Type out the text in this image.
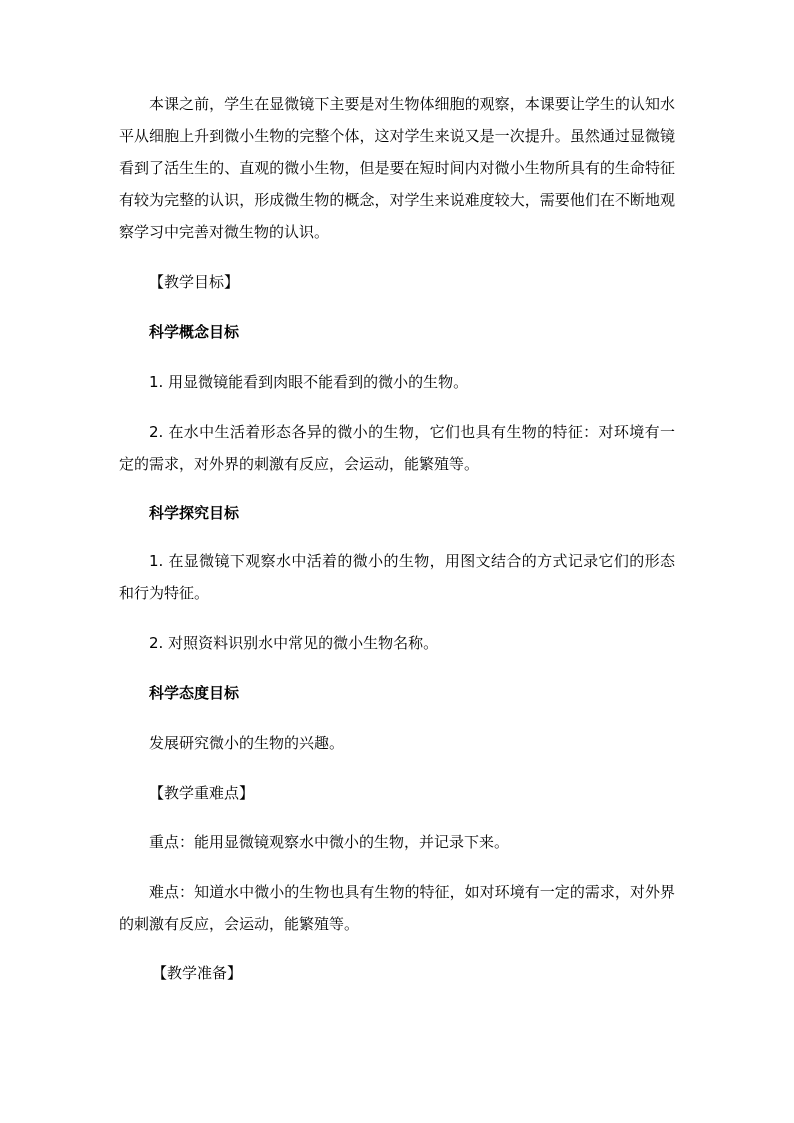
本课之前，学生在显微镜下主要是对生物体细胞的观察，本课要让学生的认知水平从细胞上升到微小生物的完整个体，这对学生来说又是一次提升。虽然通过显微镜看到了活生生的、直观的微小生物，但是要在短时间内对微小生物所具有的生命特征有较为完整的认识，形成微生物的概念，对学生来说难度较大，需要他们在不断地观察学习中完善对微生物的认识。

【教学目标】

科学概念目标

1. 用显微镜能看到肉眼不能看到的微小的生物。

2. 在水中生活着形态各异的微小的生物，它们也具有生物的特征：对环境有一定的需求，对外界的刺激有反应，会运动，能繁殖等。

科学探究目标

1. 在显微镜下观察水中活着的微小的生物，用图文结合的方式记录它们的形态和行为特征。

2. 对照资料识别水中常见的微小生物名称。

科学态度目标

发展研究微小的生物的兴趣。

【教学重难点】

重点：能用显微镜观察水中微小的生物，并记录下来。

难点：知道水中微小的生物也具有生物的特征，如对环境有一定的需求，对外界的刺激有反应，会运动，能繁殖等。

【教学准备】
